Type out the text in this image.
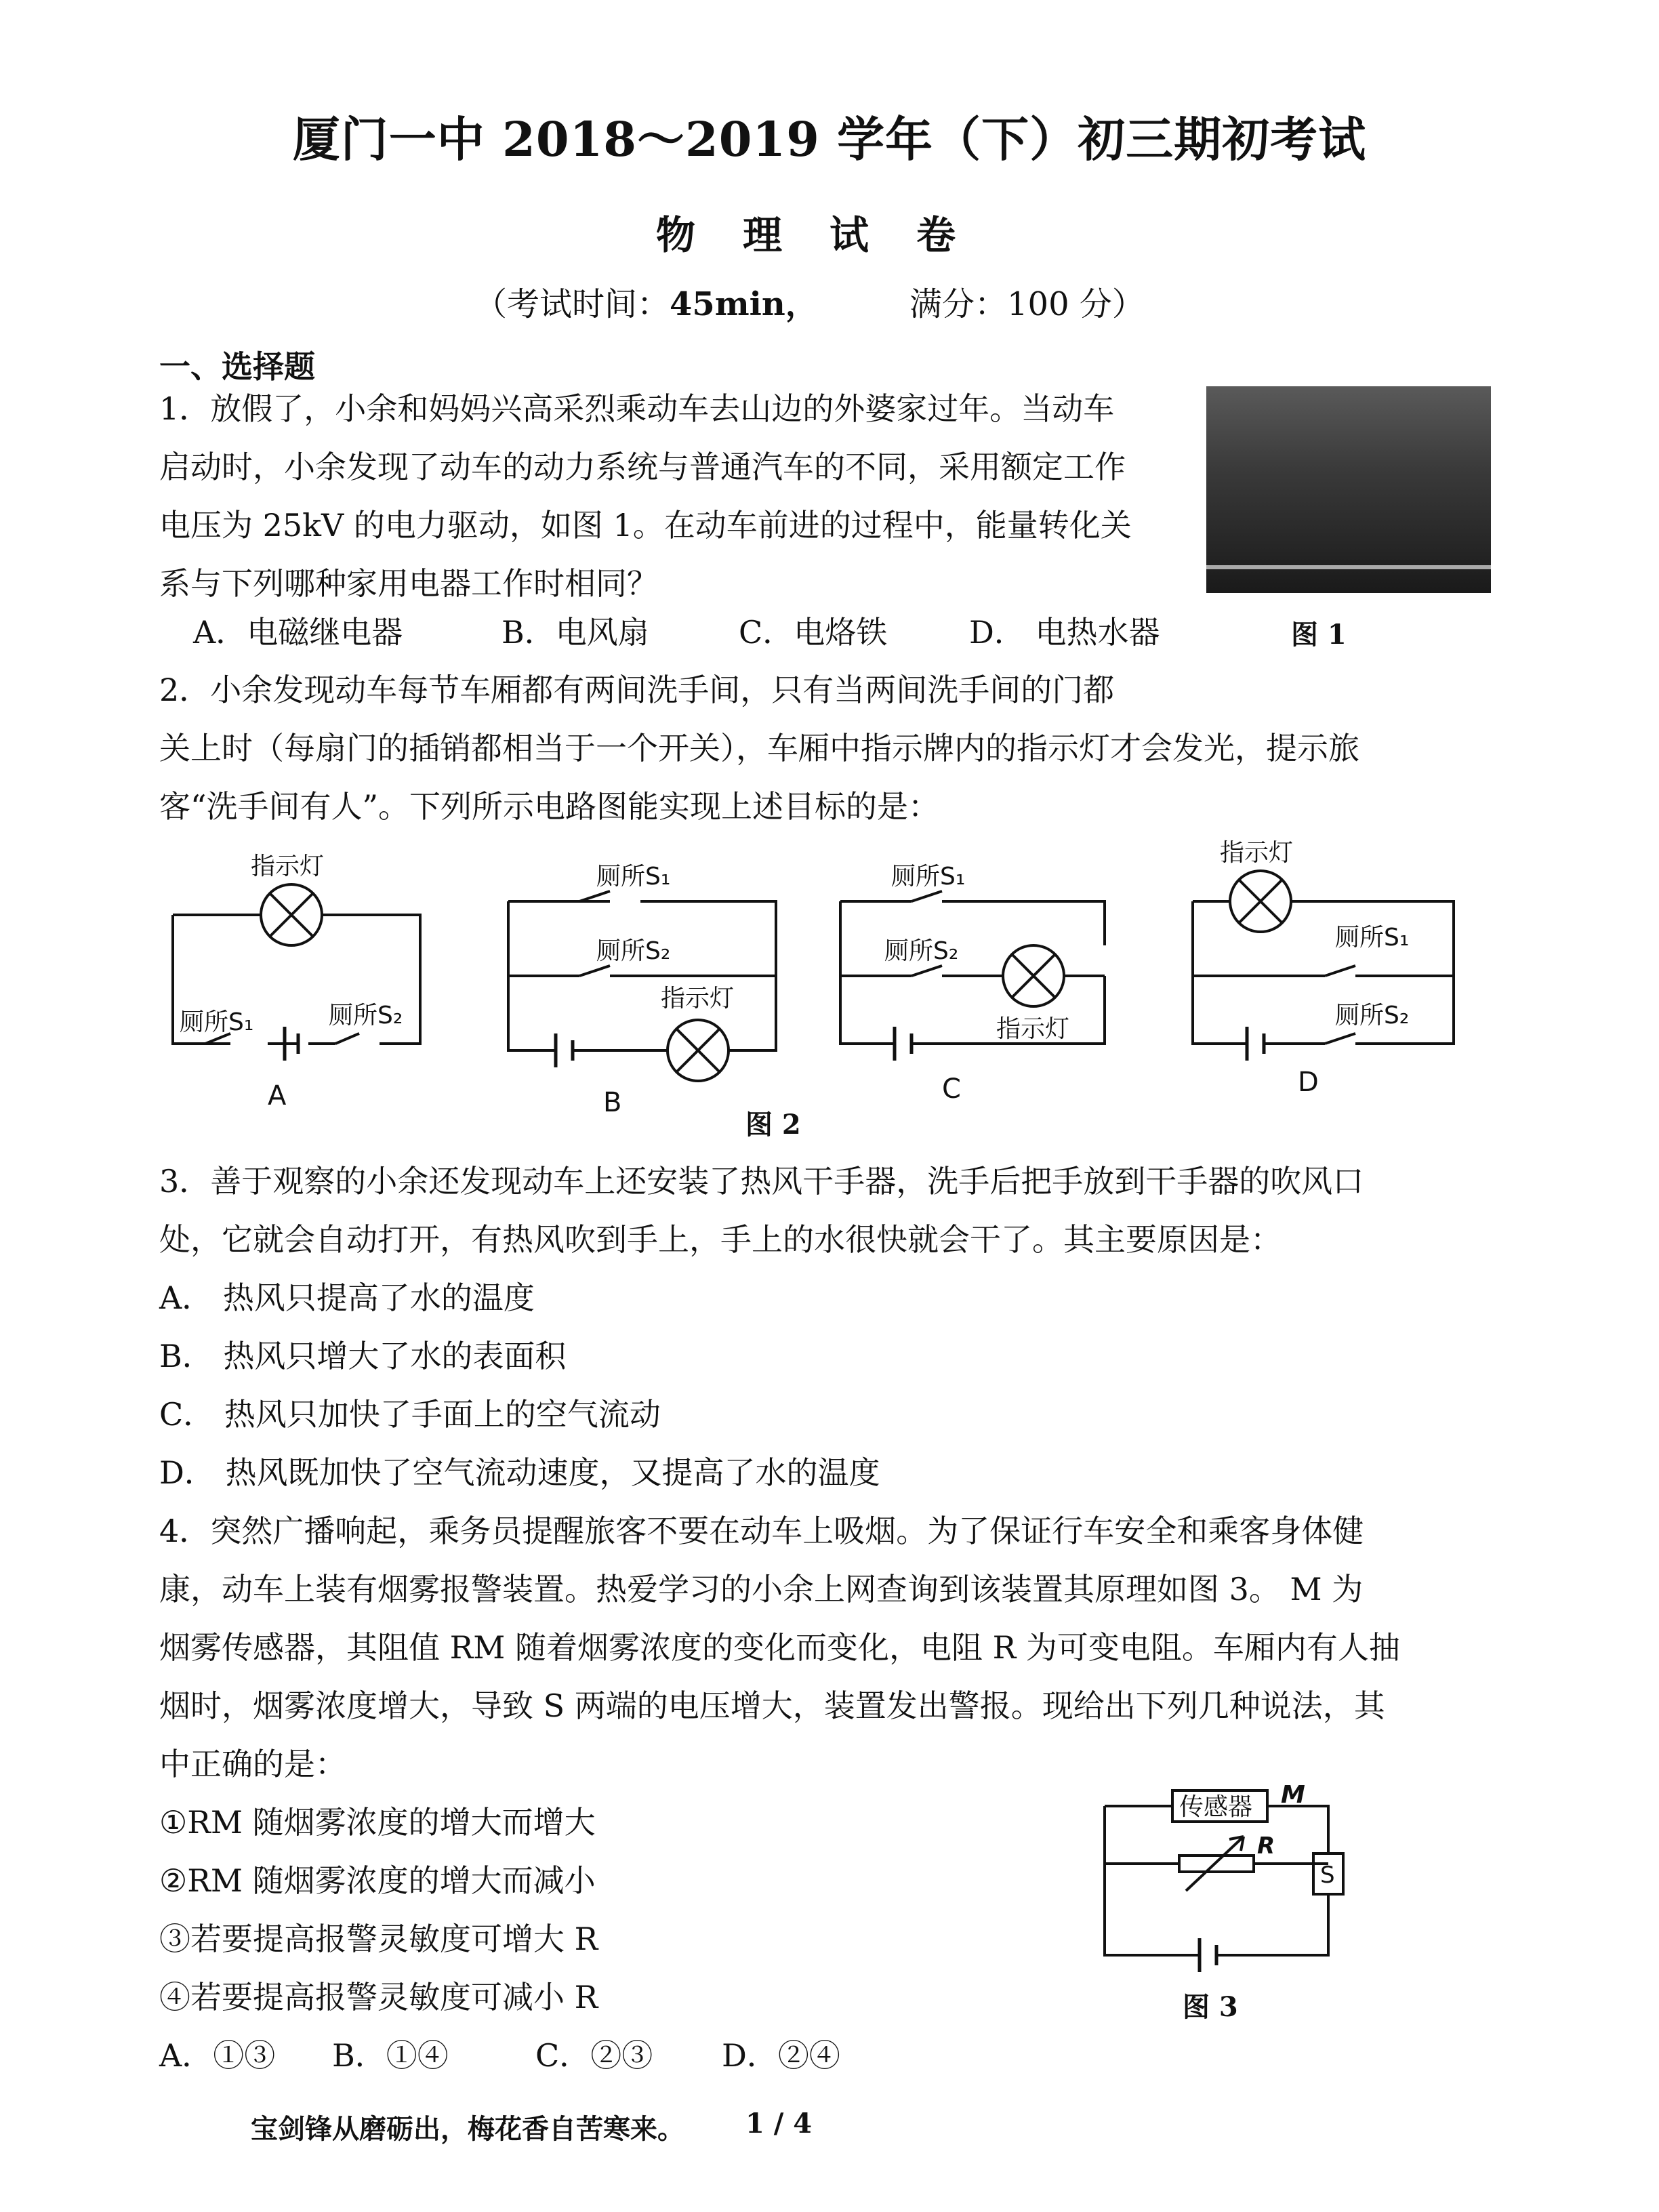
厦门一中 2018～2019 学年（下）初三期初考试
物理试卷
（考试时间：45min，	满分：100 分）
一、选择题
1．放假了，小余和妈妈兴高采烈乘动车去山边的外婆家过年。当动车
启动时，小余发现了动车的动力系统与普通汽车的不同，采用额定工作
电压为 25kV 的电力驱动，如图 1。在动车前进的过程中，能量转化关
系与下列哪种家用电器工作时相同？
A．电磁继电器	B．电风扇	C．电烙铁	D． 电热水器	图 1
2．小余发现动车每节车厢都有两间洗手间，只有当两间洗手间的门都
关上时（每扇门的插销都相当于一个开关），车厢中指示牌内的指示灯才会发光，提示旅
客“洗手间有人”。下列所示电路图能实现上述目标的是：
指示灯
厕所S₁	厕所S₂
A
厕所S₁
厕所S₂
指示灯
B
厕所S₁
厕所S₂
指示灯
C
指示灯
厕所S₁
厕所S₂
D
图 2
3．善于观察的小余还发现动车上还安装了热风干手器，洗手后把手放到干手器的吹风口
处，它就会自动打开，有热风吹到手上，手上的水很快就会干了。其主要原因是：
A． 热风只提高了水的温度
B． 热风只增大了水的表面积
C． 热风只加快了手面上的空气流动
D． 热风既加快了空气流动速度，又提高了水的温度
4．突然广播响起，乘务员提醒旅客不要在动车上吸烟。为了保证行车安全和乘客身体健
康，动车上装有烟雾报警装置。热爱学习的小余上网查询到该装置其原理如图 3。 M 为
烟雾传感器，其阻值 RM 随着烟雾浓度的变化而变化，电阻 R 为可变电阻。车厢内有人抽
烟时，烟雾浓度增大，导致 S 两端的电压增大，装置发出警报。现给出下列几种说法，其
中正确的是：
①RM 随烟雾浓度的增大而增大
②RM 随烟雾浓度的增大而减小
③若要提高报警灵敏度可增大 R
④若要提高报警灵敏度可减小 R
A．①③ B．①④	C．②③ D．②④
传感器 M
R
S
图 3
宝剑锋从磨砺出，梅花香自苦寒来。 1 / 4
